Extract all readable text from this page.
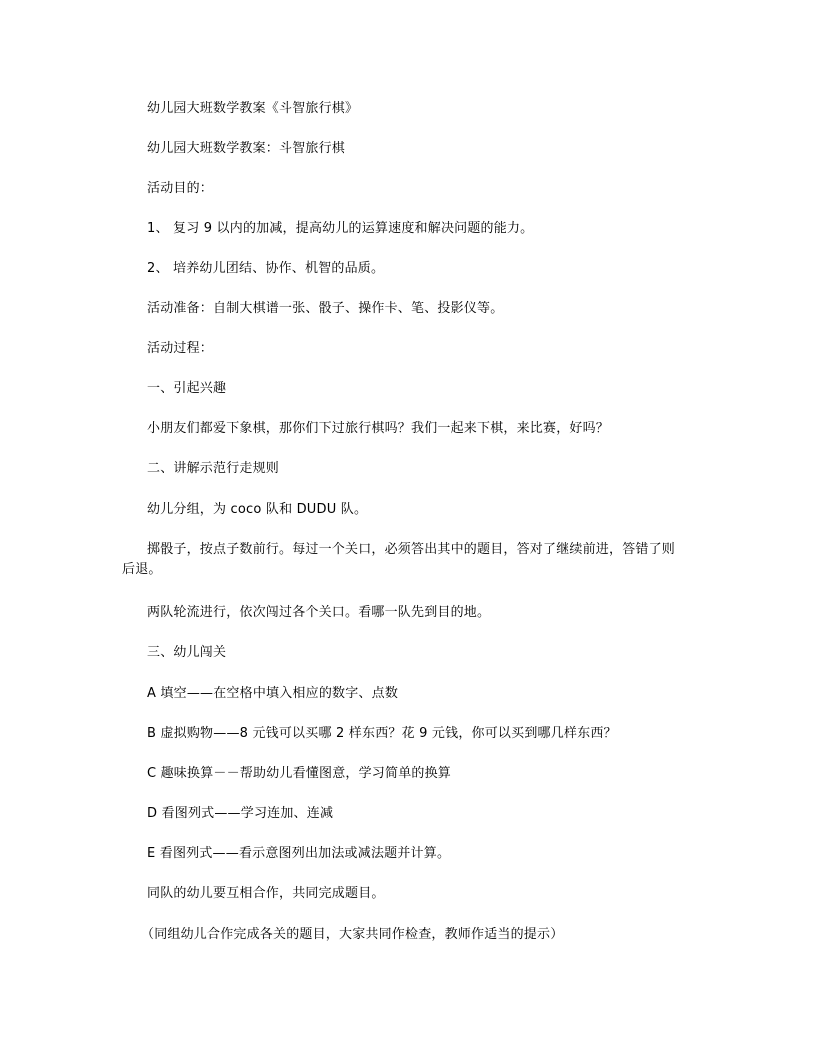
幼儿园大班数学教案《斗智旅行棋》
幼儿园大班数学教案：斗智旅行棋
活动目的：
1、 复习 9 以内的加减，提高幼儿的运算速度和解决问题的能力。
2、 培养幼儿团结、协作、机智的品质。
活动准备：自制大棋谱一张、骰子、操作卡、笔、投影仪等。
活动过程：
一、引起兴趣
小朋友们都爱下象棋，那你们下过旅行棋吗？我们一起来下棋，来比赛，好吗？
二、讲解示范行走规则
幼儿分组，为 coco 队和 DUDU 队。
掷骰子，按点子数前行。每过一个关口，必须答出其中的题目，答对了继续前进，答错了则后退。
两队轮流进行，依次闯过各个关口。看哪一队先到目的地。
三、幼儿闯关
A 填空——在空格中填入相应的数字、点数
B 虚拟购物——8 元钱可以买哪 2 样东西？花 9 元钱，你可以买到哪几样东西？
C 趣味换算－－帮助幼儿看懂图意，学习简单的换算
D 看图列式——学习连加、连减
E 看图列式——看示意图列出加法或减法题并计算。
同队的幼儿要互相合作，共同完成题目。
（同组幼儿合作完成各关的题目，大家共同作检查，教师作适当的提示）
